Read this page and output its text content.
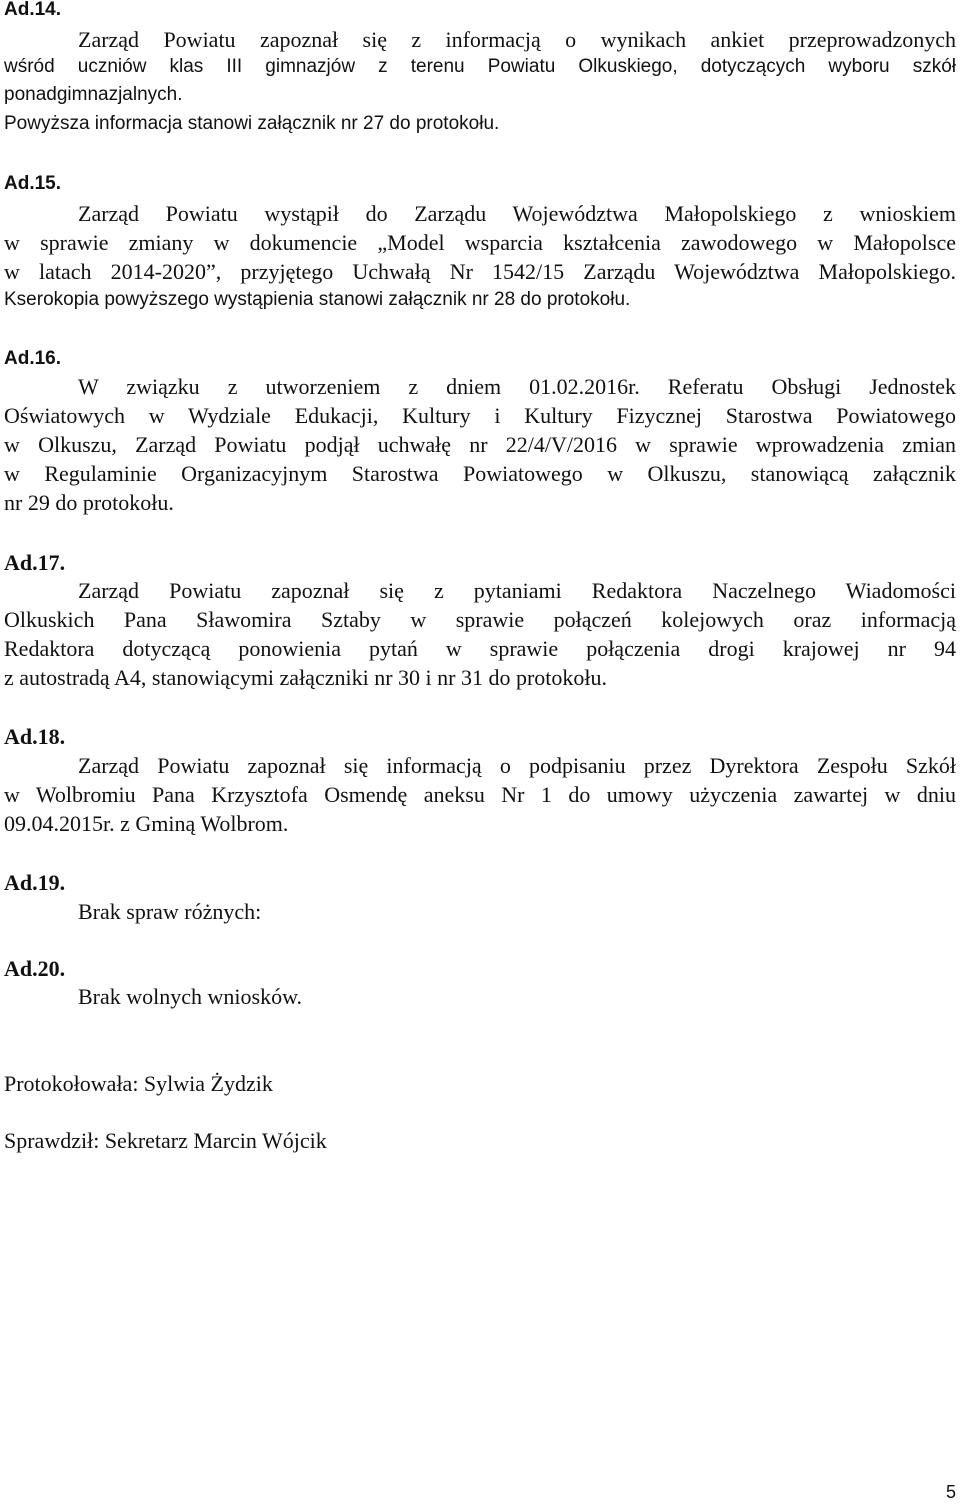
Ad.14.
Zarząd Powiatu zapoznał się z informacją o wynikach ankiet przeprowadzonych
wśród uczniów klas III gimnazjów z terenu Powiatu Olkuskiego, dotyczących wyboru szkół
ponadgimnazjalnych.
Powyższa informacja stanowi załącznik nr 27 do protokołu.
Ad.15.
Zarząd Powiatu wystąpił do Zarządu Województwa Małopolskiego z wnioskiem
w sprawie zmiany w dokumencie „Model wsparcia kształcenia zawodowego w Małopolsce
w latach 2014-2020”, przyjętego Uchwałą Nr 1542/15 Zarządu Województwa Małopolskiego.
Kserokopia powyższego wystąpienia stanowi załącznik nr 28 do protokołu.
Ad.16.
W związku z utworzeniem z dniem 01.02.2016r. Referatu Obsługi Jednostek
Oświatowych w Wydziale Edukacji, Kultury i Kultury Fizycznej Starostwa Powiatowego
w Olkuszu, Zarząd Powiatu podjął uchwałę nr 22/4/V/2016 w sprawie wprowadzenia zmian
w Regulaminie Organizacyjnym Starostwa Powiatowego w Olkuszu, stanowiącą załącznik
nr 29 do protokołu.
Ad.17.
Zarząd Powiatu zapoznał się z pytaniami Redaktora Naczelnego Wiadomości
Olkuskich Pana Sławomira Sztaby w sprawie połączeń kolejowych oraz informacją
Redaktora dotyczącą ponowienia pytań w sprawie połączenia drogi krajowej nr 94
z autostradą A4, stanowiącymi załączniki nr 30 i nr 31 do protokołu.
Ad.18.
Zarząd Powiatu zapoznał się informacją o podpisaniu przez Dyrektora Zespołu Szkół
w Wolbromiu Pana Krzysztofa Osmendę aneksu Nr 1 do umowy użyczenia zawartej w dniu
09.04.2015r. z Gminą Wolbrom.
Ad.19.
Brak spraw różnych:
Ad.20.
Brak wolnych wniosków.
Protokołowała: Sylwia Żydzik
Sprawdził: Sekretarz Marcin Wójcik
5
